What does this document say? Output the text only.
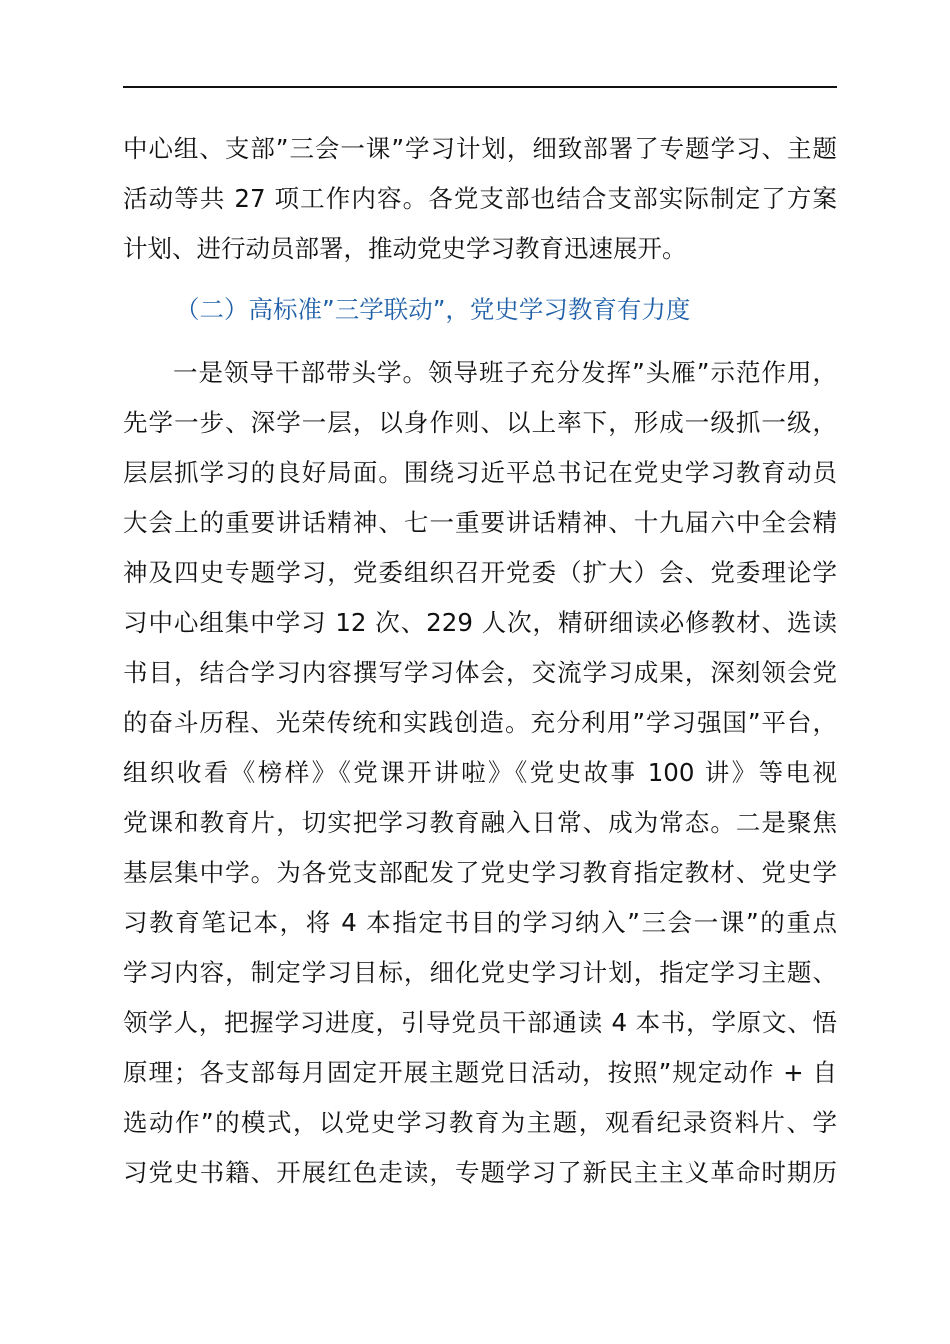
中心组、支部”三会一课”学习计划，细致部署了专题学习、主题
活动等共 27 项工作内容。各党支部也结合支部实际制定了方案
计划、进行动员部署，推动党史学习教育迅速展开。
（二）高标准”三学联动”，党史学习教育有力度
一是领导干部带头学。领导班子充分发挥”头雁”示范作用，
先学一步、深学一层，以身作则、以上率下，形成一级抓一级，
层层抓学习的良好局面。围绕习近平总书记在党史学习教育动员
大会上的重要讲话精神、七一重要讲话精神、十九届六中全会精
神及四史专题学习，党委组织召开党委（扩大）会、党委理论学
习中心组集中学习 12 次、229 人次，精研细读必修教材、选读
书目，结合学习内容撰写学习体会，交流学习成果，深刻领会党
的奋斗历程、光荣传统和实践创造。充分利用”学习强国”平台，
组织收看《榜样》《党课开讲啦》《党史故事 100 讲》等电视
党课和教育片，切实把学习教育融入日常、成为常态。二是聚焦
基层集中学。为各党支部配发了党史学习教育指定教材、党史学
习教育笔记本，将 4 本指定书目的学习纳入”三会一课”的重点
学习内容，制定学习目标，细化党史学习计划，指定学习主题、
领学人，把握学习进度，引导党员干部通读 4 本书，学原文、悟
原理；各支部每月固定开展主题党日活动，按照”规定动作 + 自
选动作”的模式，以党史学习教育为主题，观看纪录资料片、学
习党史书籍、开展红色走读，专题学习了新民主主义革命时期历
